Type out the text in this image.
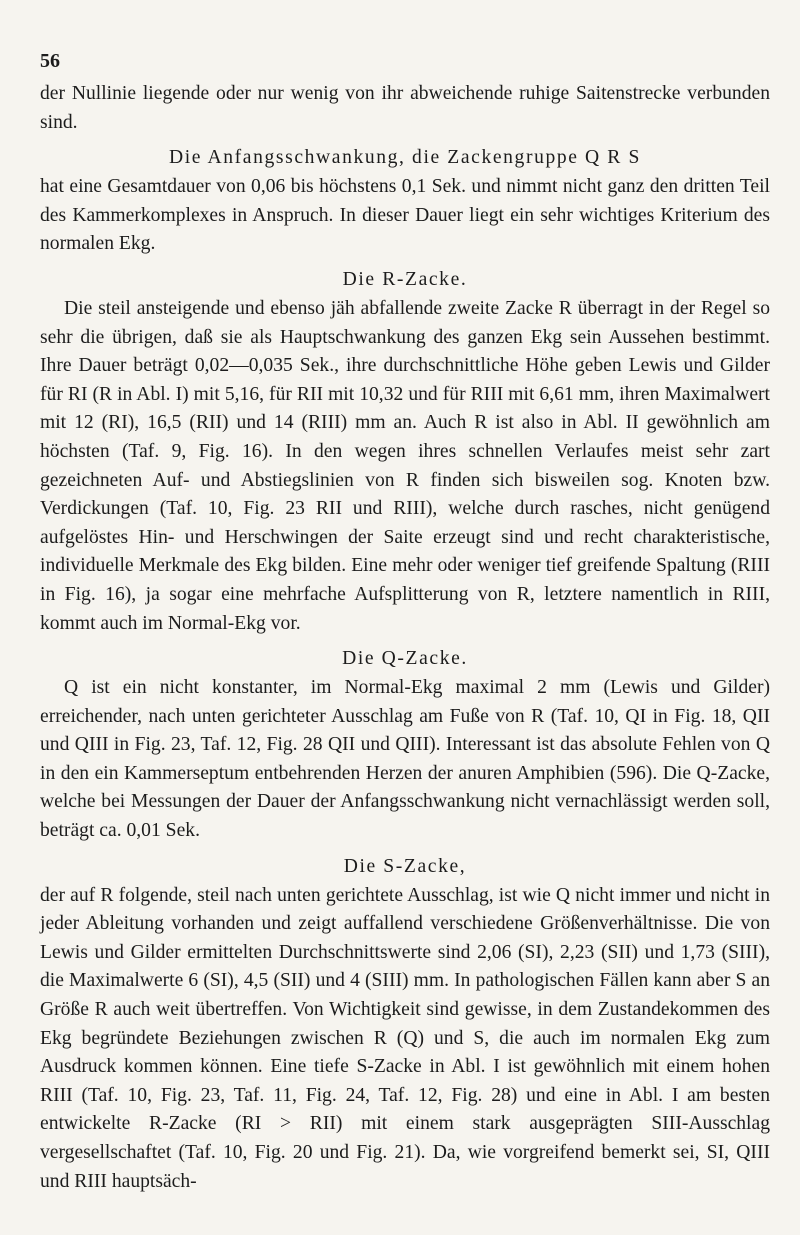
56

der Nullinie liegende oder nur wenig von ihr abweichende ruhige Saitenstrecke verbunden sind.

Die Anfangsschwankung, die Zackengruppe Q R S

hat eine Gesamtdauer von 0,06 bis höchstens 0,1 Sek. und nimmt nicht ganz den dritten Teil des Kammerkomplexes in Anspruch. In dieser Dauer liegt ein sehr wichtiges Kriterium des normalen Ekg.

Die R-Zacke.

Die steil ansteigende und ebenso jäh abfallende zweite Zacke R überragt in der Regel so sehr die übrigen, daß sie als Hauptschwankung des ganzen Ekg sein Aussehen bestimmt. Ihre Dauer beträgt 0,02—0,035 Sek., ihre durchschnittliche Höhe geben Lewis und Gilder für RI (R in Abl. I) mit 5,16, für RII mit 10,32 und für RIII mit 6,61 mm, ihren Maximalwert mit 12 (RI), 16,5 (RII) und 14 (RIII) mm an. Auch R ist also in Abl. II gewöhnlich am höchsten (Taf. 9, Fig. 16). In den wegen ihres schnellen Verlaufes meist sehr zart gezeichneten Auf- und Abstiegslinien von R finden sich bisweilen sog. Knoten bzw. Verdickungen (Taf. 10, Fig. 23 RII und RIII), welche durch rasches, nicht genügend aufgelöstes Hin- und Herschwingen der Saite erzeugt sind und recht charakteristische, individuelle Merkmale des Ekg bilden. Eine mehr oder weniger tief greifende Spaltung (RIII in Fig. 16), ja sogar eine mehrfache Aufsplitterung von R, letztere namentlich in RIII, kommt auch im Normal-Ekg vor.

Die Q-Zacke.

Q ist ein nicht konstanter, im Normal-Ekg maximal 2 mm (Lewis und Gilder) erreichender, nach unten gerichteter Ausschlag am Fuße von R (Taf. 10, QI in Fig. 18, QII und QIII in Fig. 23, Taf. 12, Fig. 28 QII und QIII). Interessant ist das absolute Fehlen von Q in den ein Kammerseptum entbehrenden Herzen der anuren Amphibien (596). Die Q-Zacke, welche bei Messungen der Dauer der Anfangsschwankung nicht vernachlässigt werden soll, beträgt ca. 0,01 Sek.

Die S-Zacke,

der auf R folgende, steil nach unten gerichtete Ausschlag, ist wie Q nicht immer und nicht in jeder Ableitung vorhanden und zeigt auffallend verschiedene Größenverhältnisse. Die von Lewis und Gilder ermittelten Durchschnittswerte sind 2,06 (SI), 2,23 (SII) und 1,73 (SIII), die Maximalwerte 6 (SI), 4,5 (SII) und 4 (SIII) mm. In pathologischen Fällen kann aber S an Größe R auch weit übertreffen. Von Wichtigkeit sind gewisse, in dem Zustandekommen des Ekg begründete Beziehungen zwischen R (Q) und S, die auch im normalen Ekg zum Ausdruck kommen können. Eine tiefe S-Zacke in Abl. I ist gewöhnlich mit einem hohen RIII (Taf. 10, Fig. 23, Taf. 11, Fig. 24, Taf. 12, Fig. 28) und eine in Abl. I am besten entwickelte R-Zacke (RI > RII) mit einem stark ausgeprägten SIII-Ausschlag vergesellschaftet (Taf. 10, Fig. 20 und Fig. 21). Da, wie vorgreifend bemerkt sei, SI, QIII und RIII hauptsäch-
